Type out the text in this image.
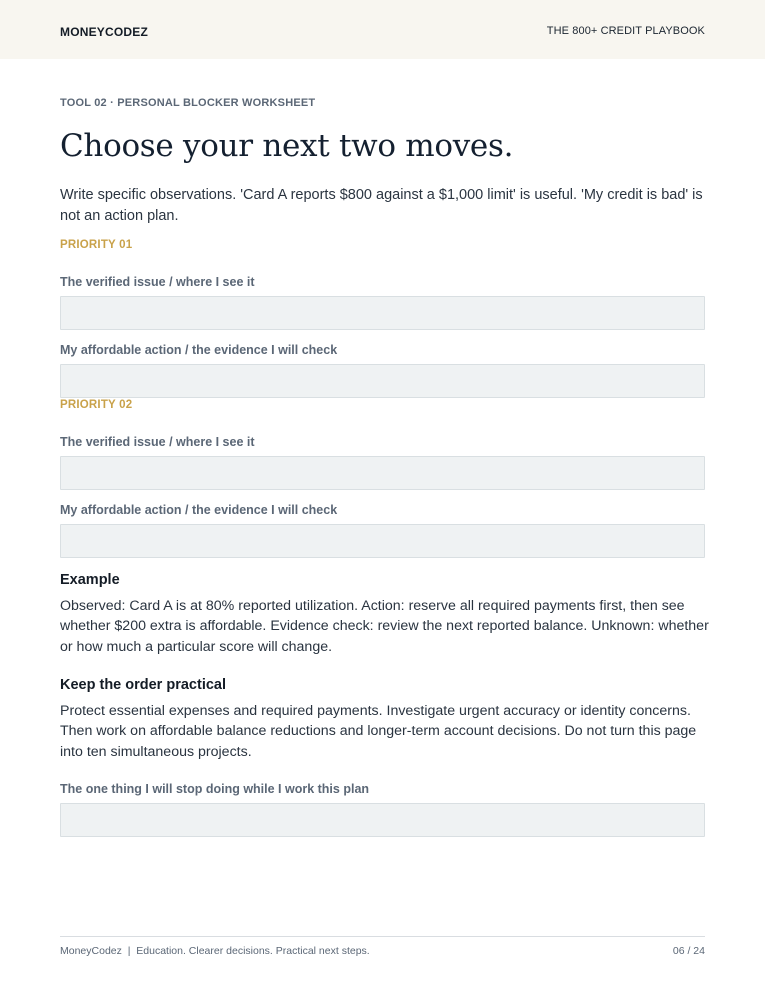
MONEYCODEZ	THE 800+ CREDIT PLAYBOOK
TOOL 02 · PERSONAL BLOCKER WORKSHEET
Choose your next two moves.

Write specific observations. 'Card A reports $800 against a $1,000 limit' is useful. 'My credit is bad' is not an action plan.

PRIORITY 01
The verified issue / where I see it
My affordable action / the evidence I will check
PRIORITY 02
The verified issue / where I see it
My affordable action / the evidence I will check
Example

Observed: Card A is at 80% reported utilization. Action: reserve all required payments first, then see whether $200 extra is affordable. Evidence check: review the next reported balance. Unknown: whether or how much a particular score will change.

Keep the order practical

Protect essential expenses and required payments. Investigate urgent accuracy or identity concerns. Then work on affordable balance reductions and longer-term account decisions. Do not turn this page into ten simultaneous projects.

The one thing I will stop doing while I work this plan
MoneyCodez  |  Education. Clearer decisions. Practical next steps.	06 / 24
